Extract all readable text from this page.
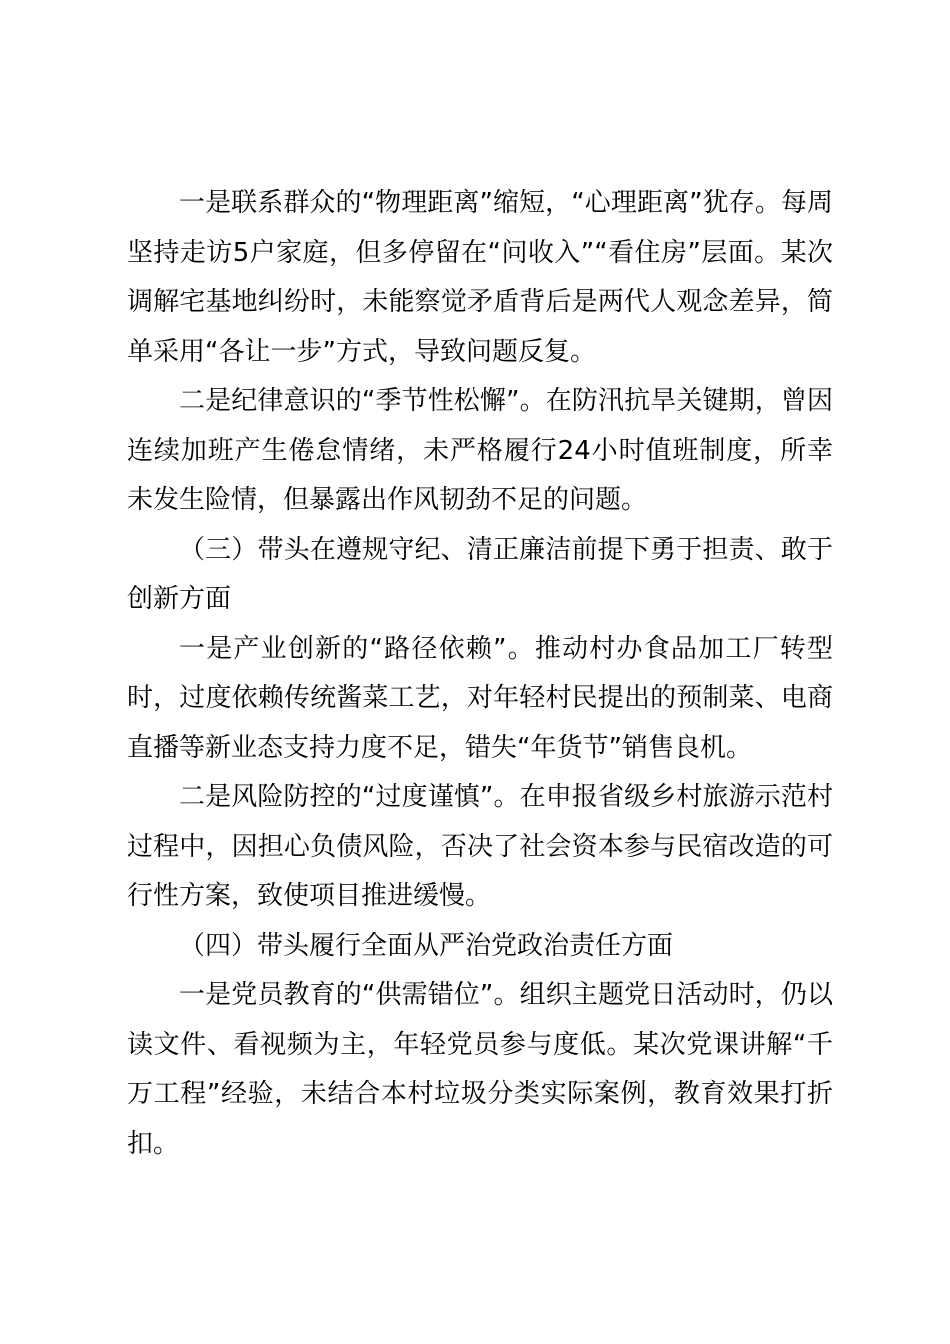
一是联系群众的“物理距离”缩短，“心理距离”犹存。每周坚持走访5户家庭，但多停留在“问收入”“看住房”层面。某次调解宅基地纠纷时，未能察觉矛盾背后是两代人观念差异，简单采用“各让一步”方式，导致问题反复。

二是纪律意识的“季节性松懈”。在防汛抗旱关键期，曾因连续加班产生倦怠情绪，未严格履行24小时值班制度，所幸未发生险情，但暴露出作风韧劲不足的问题。

（三）带头在遵规守纪、清正廉洁前提下勇于担责、敢于创新方面

一是产业创新的“路径依赖”。推动村办食品加工厂转型时，过度依赖传统酱菜工艺，对年轻村民提出的预制菜、电商直播等新业态支持力度不足，错失“年货节”销售良机。

二是风险防控的“过度谨慎”。在申报省级乡村旅游示范村过程中，因担心负债风险，否决了社会资本参与民宿改造的可行性方案，致使项目推进缓慢。

（四）带头履行全面从严治党政治责任方面

一是党员教育的“供需错位”。组织主题党日活动时，仍以读文件、看视频为主，年轻党员参与度低。某次党课讲解“千万工程”经验，未结合本村垃圾分类实际案例，教育效果打折扣。
